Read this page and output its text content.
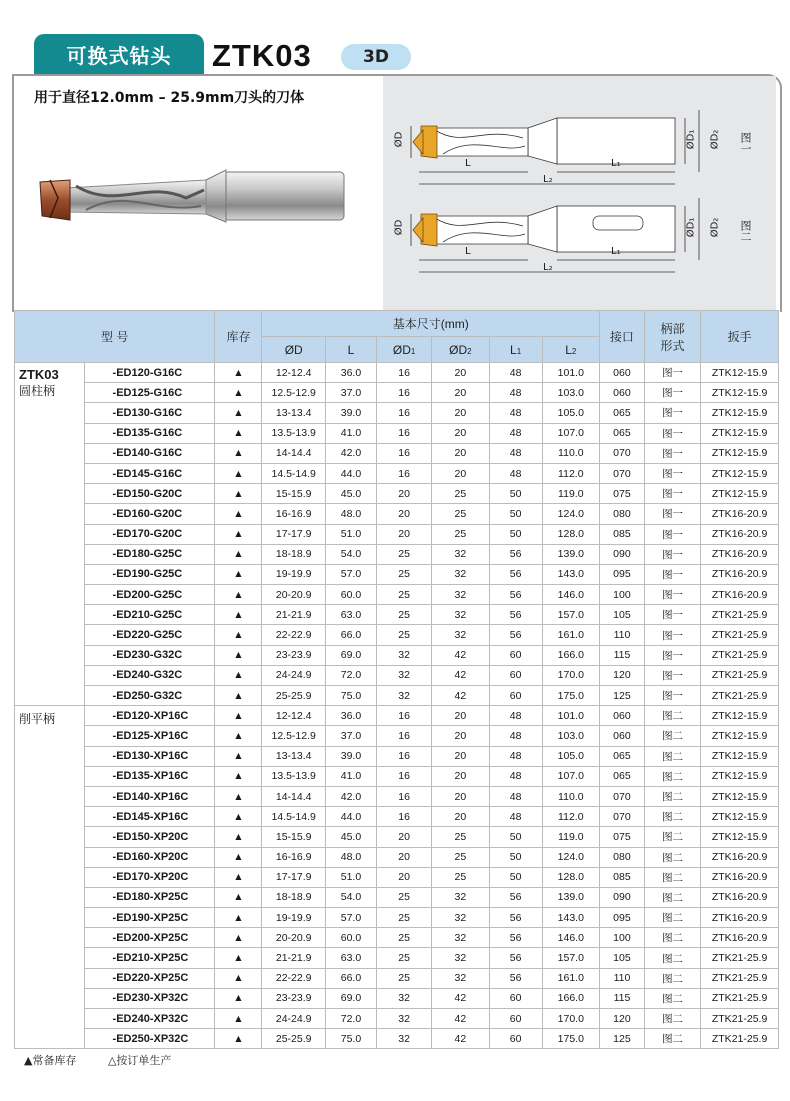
可换式钻头	ZTK03	3D
用于直径12.0mm – 25.9mm刀头的刀体
ØD
L	L₁
L₂
ØD₁ ØD₂ 图一
ØD
L	L₁
L₂
ØD₁ ØD₂ 图二
型 号		库存	基本尺寸(mm)						接口	柄部
形式	扳手
			ØD	L	ØD1	ØD2	L1	L2			
ZTK03
圆柱柄	-ED120-G16C	▲	12-12.4	36.0	16	20	48	101.0	060	图一	ZTK12-15.9
	-ED125-G16C	▲	12.5-12.9	37.0	16	20	48	103.0	060	图一	ZTK12-15.9
	-ED130-G16C	▲	13-13.4	39.0	16	20	48	105.0	065	图一	ZTK12-15.9
	-ED135-G16C	▲	13.5-13.9	41.0	16	20	48	107.0	065	图一	ZTK12-15.9
	-ED140-G16C	▲	14-14.4	42.0	16	20	48	110.0	070	图一	ZTK12-15.9
	-ED145-G16C	▲	14.5-14.9	44.0	16	20	48	112.0	070	图一	ZTK12-15.9
	-ED150-G20C	▲	15-15.9	45.0	20	25	50	119.0	075	图一	ZTK12-15.9
	-ED160-G20C	▲	16-16.9	48.0	20	25	50	124.0	080	图一	ZTK16-20.9
	-ED170-G20C	▲	17-17.9	51.0	20	25	50	128.0	085	图一	ZTK16-20.9
	-ED180-G25C	▲	18-18.9	54.0	25	32	56	139.0	090	图一	ZTK16-20.9
	-ED190-G25C	▲	19-19.9	57.0	25	32	56	143.0	095	图一	ZTK16-20.9
	-ED200-G25C	▲	20-20.9	60.0	25	32	56	146.0	100	图一	ZTK16-20.9
	-ED210-G25C	▲	21-21.9	63.0	25	32	56	157.0	105	图一	ZTK21-25.9
	-ED220-G25C	▲	22-22.9	66.0	25	32	56	161.0	110	图一	ZTK21-25.9
	-ED230-G32C	▲	23-23.9	69.0	32	42	60	166.0	115	图一	ZTK21-25.9
	-ED240-G32C	▲	24-24.9	72.0	32	42	60	170.0	120	图一	ZTK21-25.9
	-ED250-G32C	▲	25-25.9	75.0	32	42	60	175.0	125	图一	ZTK21-25.9
削平柄	-ED120-XP16C	▲	12-12.4	36.0	16	20	48	101.0	060	图二	ZTK12-15.9
	-ED125-XP16C	▲	12.5-12.9	37.0	16	20	48	103.0	060	图二	ZTK12-15.9
	-ED130-XP16C	▲	13-13.4	39.0	16	20	48	105.0	065	图二	ZTK12-15.9
	-ED135-XP16C	▲	13.5-13.9	41.0	16	20	48	107.0	065	图二	ZTK12-15.9
	-ED140-XP16C	▲	14-14.4	42.0	16	20	48	110.0	070	图二	ZTK12-15.9
	-ED145-XP16C	▲	14.5-14.9	44.0	16	20	48	112.0	070	图二	ZTK12-15.9
	-ED150-XP20C	▲	15-15.9	45.0	20	25	50	119.0	075	图二	ZTK12-15.9
	-ED160-XP20C	▲	16-16.9	48.0	20	25	50	124.0	080	图二	ZTK16-20.9
	-ED170-XP20C	▲	17-17.9	51.0	20	25	50	128.0	085	图二	ZTK16-20.9
	-ED180-XP25C	▲	18-18.9	54.0	25	32	56	139.0	090	图二	ZTK16-20.9
	-ED190-XP25C	▲	19-19.9	57.0	25	32	56	143.0	095	图二	ZTK16-20.9
	-ED200-XP25C	▲	20-20.9	60.0	25	32	56	146.0	100	图二	ZTK16-20.9
	-ED210-XP25C	▲	21-21.9	63.0	25	32	56	157.0	105	图二	ZTK21-25.9
	-ED220-XP25C	▲	22-22.9	66.0	25	32	56	161.0	110	图二	ZTK21-25.9
	-ED230-XP32C	▲	23-23.9	69.0	32	42	60	166.0	115	图二	ZTK21-25.9
	-ED240-XP32C	▲	24-24.9	72.0	32	42	60	170.0	120	图二	ZTK21-25.9
	-ED250-XP32C	▲	25-25.9	75.0	32	42	60	175.0	125	图二	ZTK21-25.9
▲常备库存	△按订单生产
